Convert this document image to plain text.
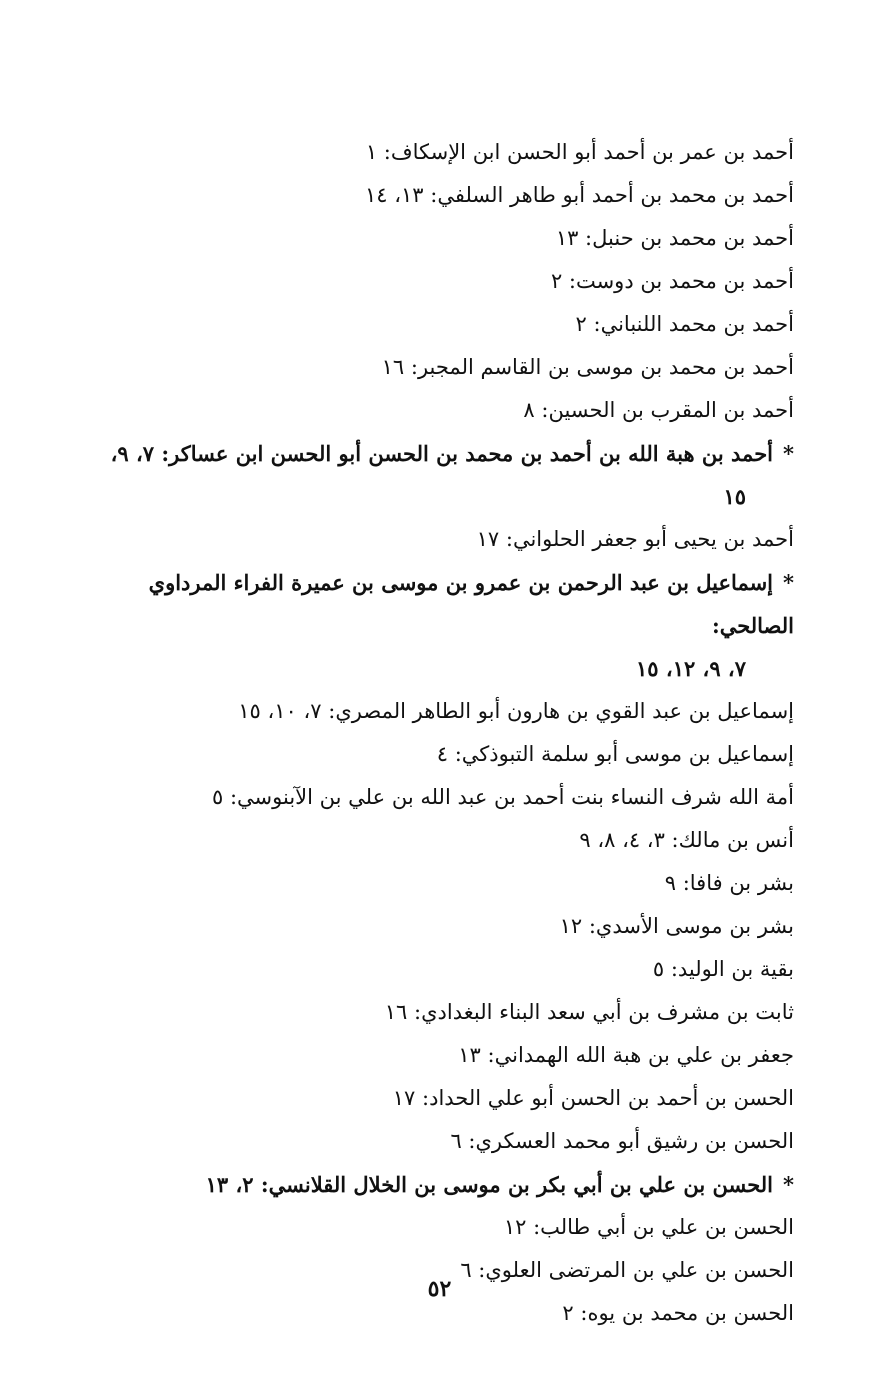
أحمد بن عمر بن أحمد أبو الحسن ابن الإسكاف: ١
أحمد بن محمد بن أحمد أبو طاهر السلفي: ١٣، ١٤
أحمد بن محمد بن حنبل: ١٣
أحمد بن محمد بن دوست: ٢
أحمد بن محمد اللنباني: ٢
أحمد بن محمد بن موسى بن القاسم المجبر: ١٦
أحمد بن المقرب بن الحسين: ٨
*أحمد بن هبة الله بن أحمد بن محمد بن الحسن أبو الحسن ابن عساكر: ٧، ٩،
١٥
أحمد بن يحيى أبو جعفر الحلواني: ١٧
*إسماعيل بن عبد الرحمن بن عمرو بن موسى بن عميرة الفراء المرداوي الصالحي:
٧، ٩، ١٢، ١٥
إسماعيل بن عبد القوي بن هارون أبو الطاهر المصري: ٧، ١٠، ١٥
إسماعيل بن موسى أبو سلمة التبوذكي: ٤
أمة الله شرف النساء بنت أحمد بن عبد الله بن علي بن الآبنوسي: ٥
أنس بن مالك: ٣، ٤، ٨، ٩
بشر بن فافا: ٩
بشر بن موسى الأسدي: ١٢
بقية بن الوليد: ٥
ثابت بن مشرف بن أبي سعد البناء البغدادي: ١٦
جعفر بن علي بن هبة الله الهمداني: ١٣
الحسن بن أحمد بن الحسن أبو علي الحداد: ١٧
الحسن بن رشيق أبو محمد العسكري: ٦
*الحسن بن علي بن أبي بكر بن موسى بن الخلال القلانسي: ٢، ١٣
الحسن بن علي بن أبي طالب: ١٢
الحسن بن علي بن المرتضى العلوي: ٦
الحسن بن محمد بن يوه: ٢
٥٢
